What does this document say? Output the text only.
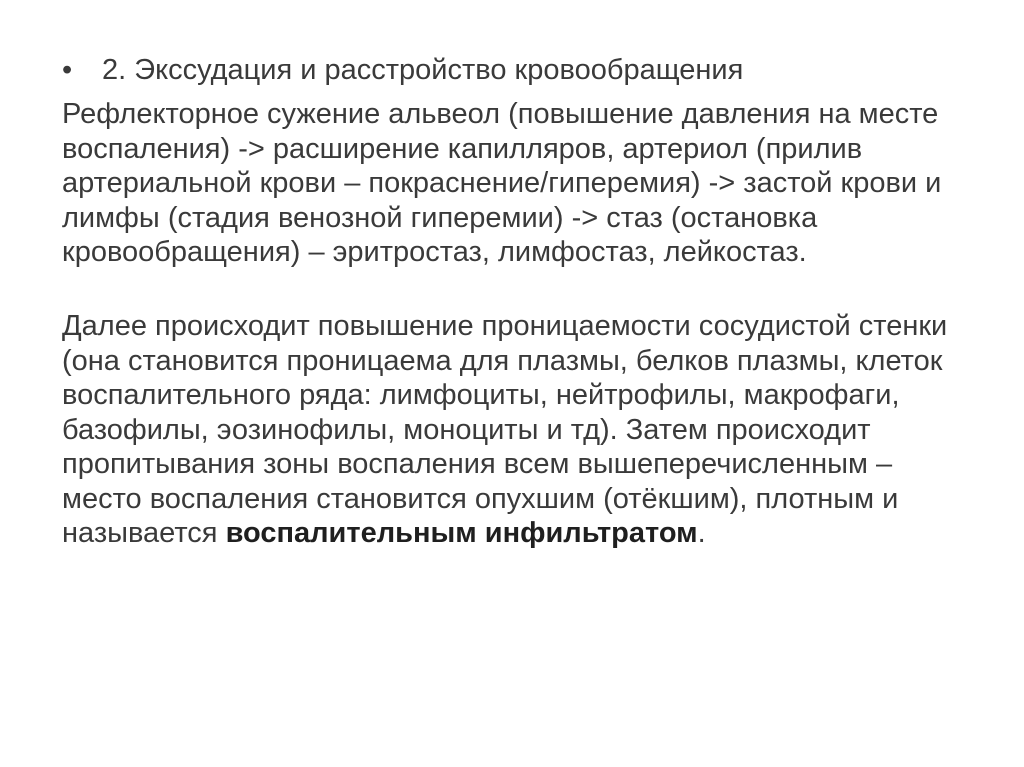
•	2. Экссудация и расстройство кровообращения

Рефлекторное сужение альвеол (повышение давления на месте воспаления) -> расширение капилляров, артериол (прилив артериальной крови – покраснение/гиперемия) -> застой крови и лимфы (стадия венозной гиперемии) -> стаз (остановка кровообращения) – эритростаз, лимфостаз, лейкостаз.

Далее происходит повышение проницаемости сосудистой стенки (она становится проницаема для плазмы, белков плазмы, клеток воспалительного ряда: лимфоциты, нейтрофилы, макрофаги, базофилы, эозинофилы, моноциты и тд). Затем происходит пропитывания зоны воспаления всем вышеперечисленным – место воспаления становится опухшим (отёкшим), плотным и называется воспалительным инфильтратом.
